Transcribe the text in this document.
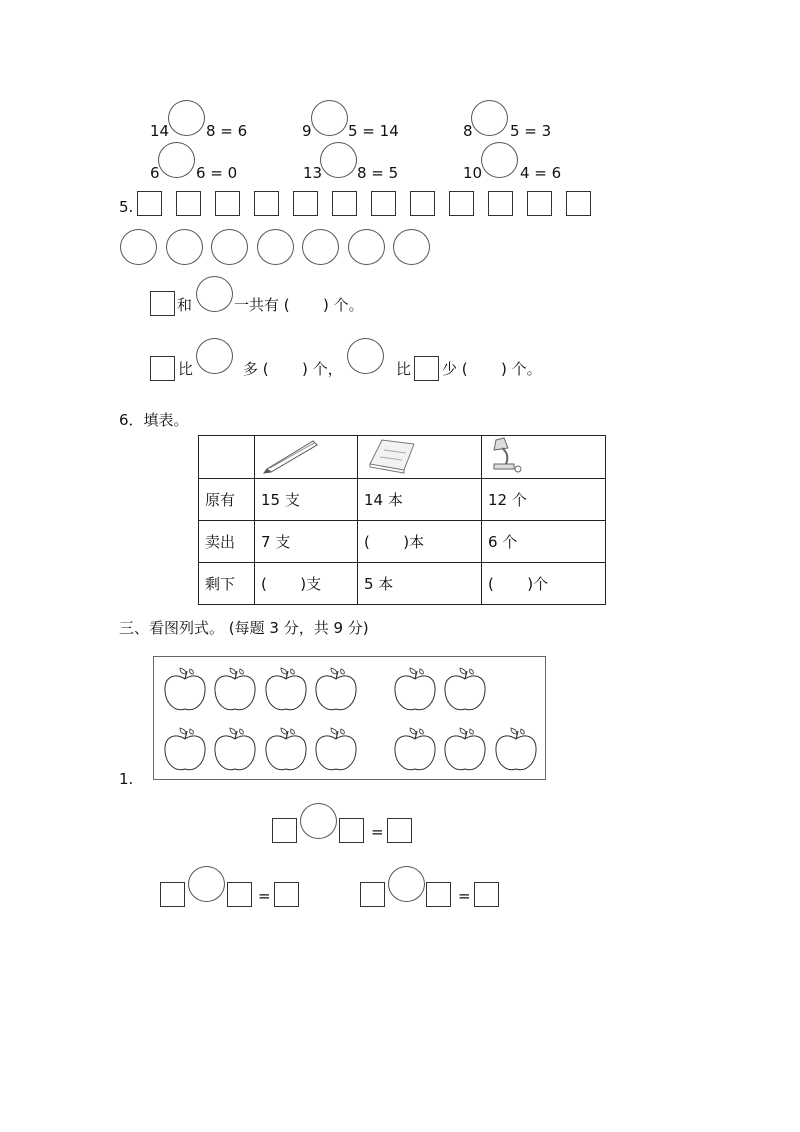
14 8 = 6	9 5 = 14	8 5 = 3
6 6 = 0	13 8 = 5	10	4 = 6
5.
和	一共有 (       ) 个。
比	多 (       ) 个，	比 少 (       ) 个。
6．填表。

原有	15 支	14 本	12 个
卖出	7 支	(       )本	6 个
剩下	(       )支	5 本	(       )个
三、看图列式。 (每题 3 分，共 9 分)
1.
=
=	=
